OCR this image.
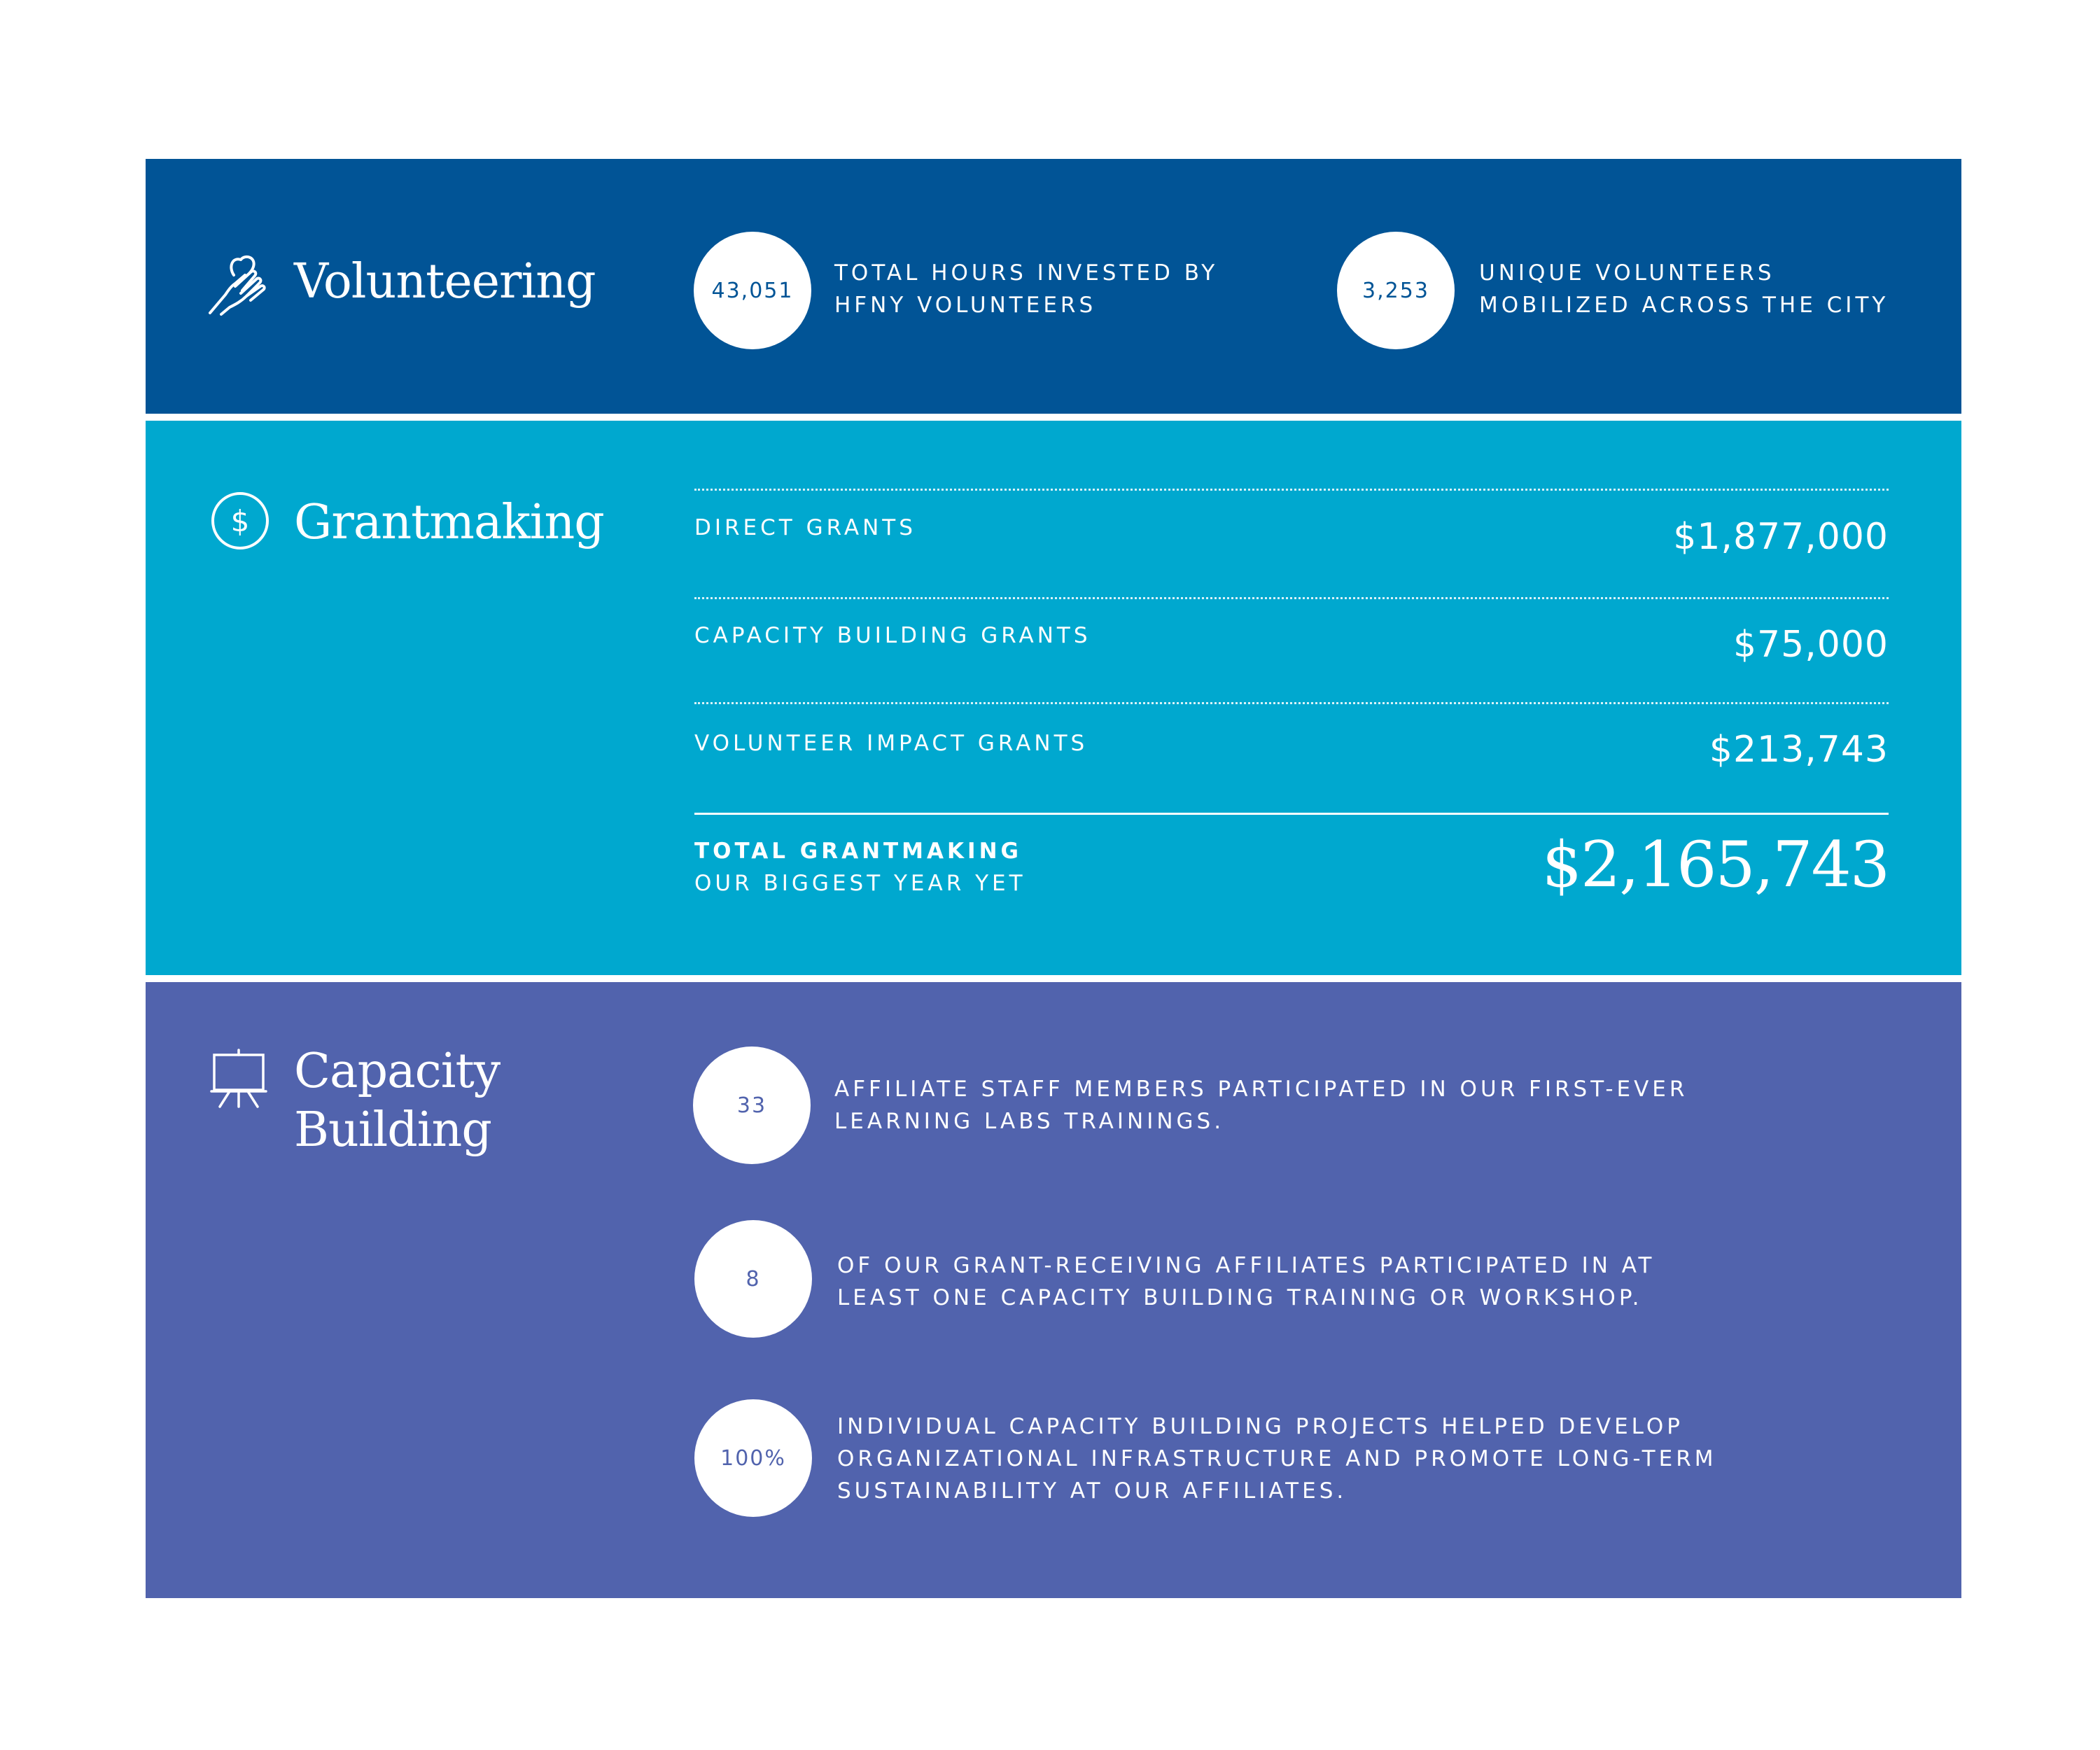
Volunteering	43,051
TOTAL HOURS INVESTED BY
HFNY VOLUNTEERS
3,253
UNIQUE VOLUNTEERS
MOBILIZED ACROSS THE CITY
$ Grantmaking	DIRECT GRANTS	$1,877,000
CAPACITY BUILDING GRANTS	$75,000
VOLUNTEER IMPACT GRANTS	$213,743
TOTAL GRANTMAKING
OUR BIGGEST YEAR YET	$2,165,743
Capacity
Building	33
AFFILIATE STAFF MEMBERS PARTICIPATED IN OUR FIRST-EVER
LEARNING LABS TRAININGS.
8
OF OUR GRANT-RECEIVING AFFILIATES PARTICIPATED IN AT
LEAST ONE CAPACITY BUILDING TRAINING OR WORKSHOP.
100%
INDIVIDUAL CAPACITY BUILDING PROJECTS HELPED DEVELOP
ORGANIZATIONAL INFRASTRUCTURE AND PROMOTE LONG-TERM
SUSTAINABILITY AT OUR AFFILIATES.
